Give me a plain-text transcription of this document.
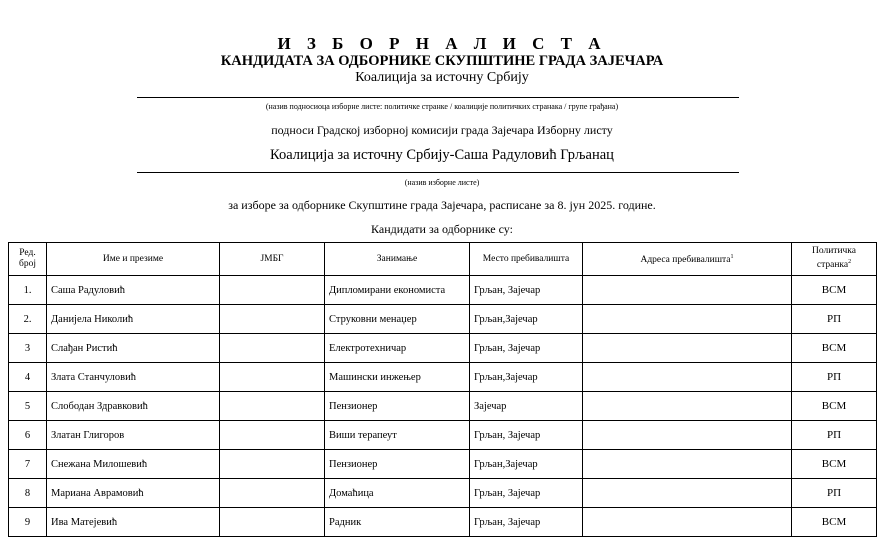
И З Б О Р Н А Л И С Т А
КАНДИДАТА ЗА ОДБОРНИКЕ СКУПШТИНЕ ГРАДА ЗАЈЕЧАРА
Коалиција за источну Србију
(назив подносиоца изборне листе: политичке странке / коалиције политичких странака / групе грађана)
подноси Градској изборној комисији града Зајечара Изборну листу
Коалиција за источну Србију-Саша Радуловић Грљанац
(назив изборне листе)
за изборе за одборнике Скупштине града Зајечара, расписане за 8. јун 2025. године.
Кандидати за одборнике су:
Ред. број	Име и презиме	ЈМБГ	Занимање	Место пребивалишта	Адреса пребивалишта$^1$	Политичка странка$^2$
1.	Саша Радуловић		Дипломирани економиста	Грљан, Зајечар		ВСМ
2.	Данијела Николић		Струковни менаџер	Грљан,Зајечар		РП
3	Слађан Ристић		Електротехничар	Грљан, Зајечар		ВСМ
4	Злата Станчуловић		Машински инжењер	Грљан,Зајечар		РП
5	Слободан Здравковић		Пензионер	Зајечар		ВСМ
6	Златан Глигоров		Виши терапеут	Грљан, Зајечар		РП
7	Снежана Милошевић		Пензионер	Грљан,Зајечар		ВСМ
8	Мариана Аврамовић		Домаћица	Грљан, Зајечар		РП
9	Ива Матејевић		Радник	Грљан, Зајечар		ВСМ
